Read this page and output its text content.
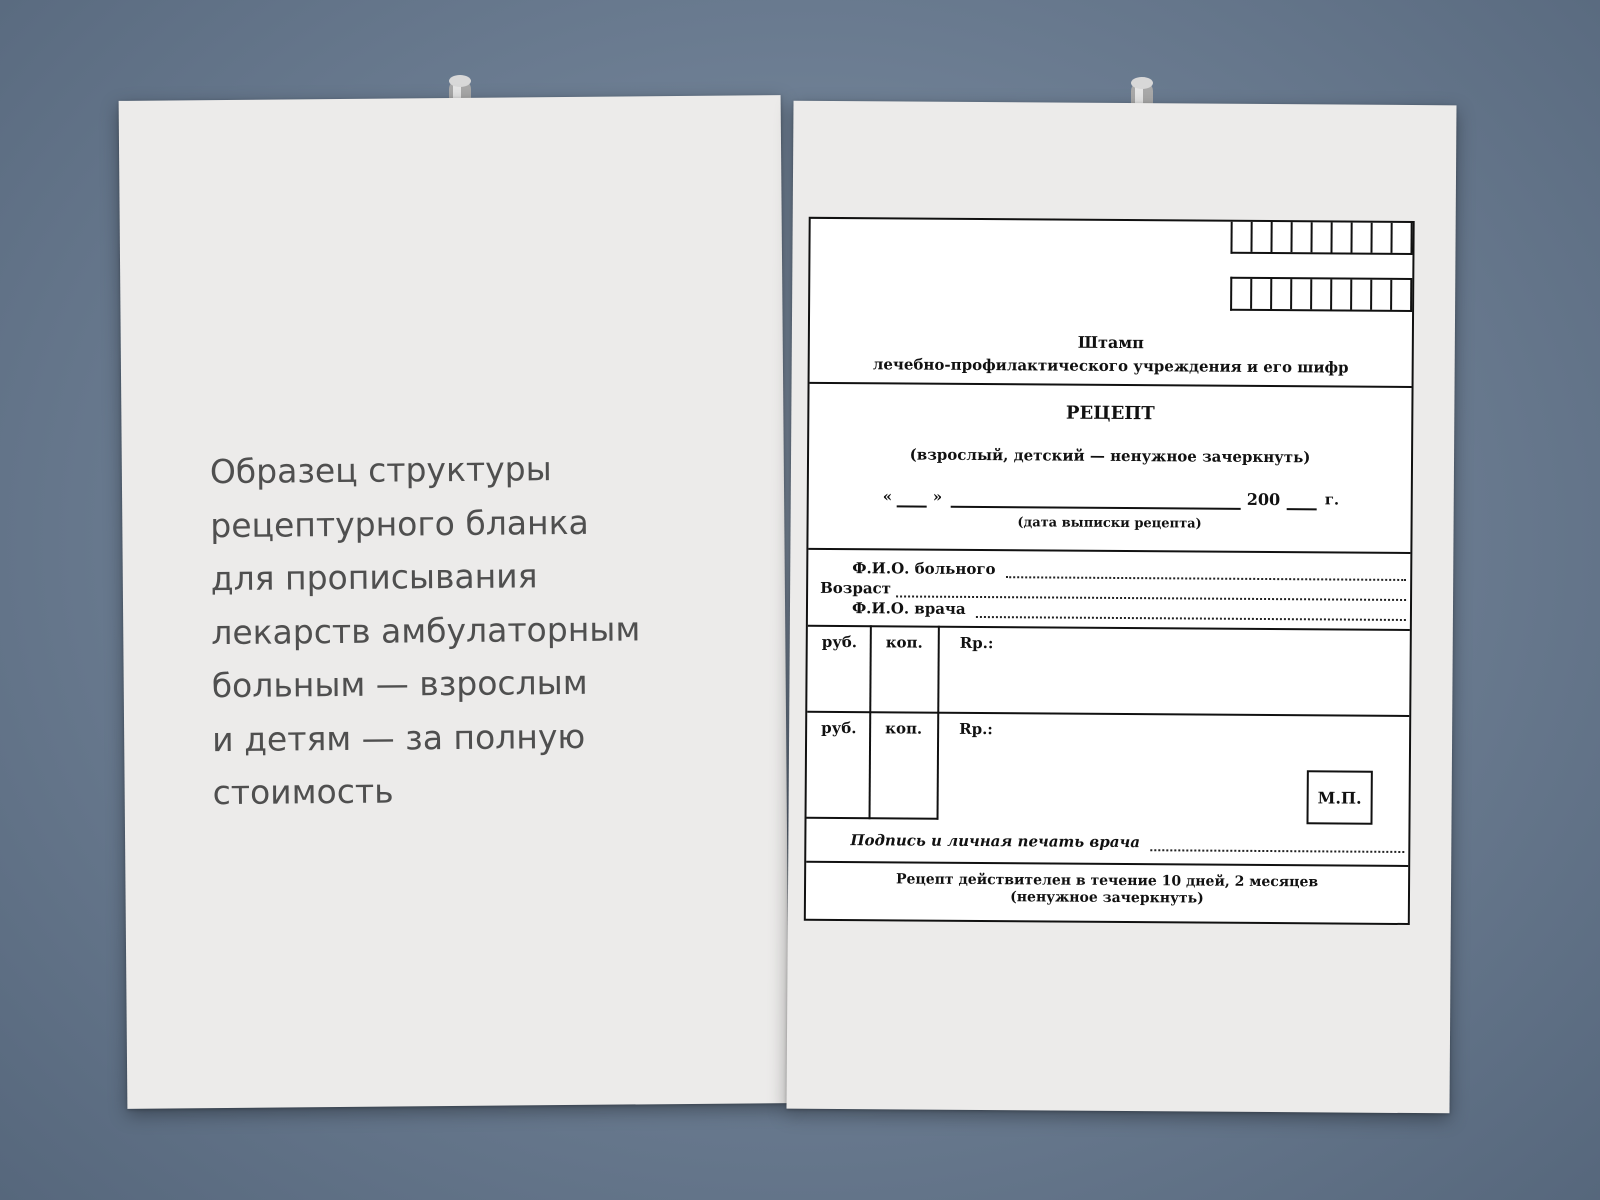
Образец структуры
рецептурного бланка
для прописывания
лекарств амбулаторным
больным — взрослым
и детям — за полную
стоимость

Штамп
лечебно-профилактического учреждения и его шифр
РЕЦЕПТ
(взрослый, детский — ненужное зачеркнуть)
«	»	200	г.
(дата выписки рецепта)
Ф.И.О. больного
Возраст
Ф.И.О. врача
руб. коп. Rp.:
руб. коп. Rp.:
М.П.
Подпись и личная печать врача
Рецепт действителен в течение 10 дней, 2 месяцев
(ненужное зачеркнуть)
